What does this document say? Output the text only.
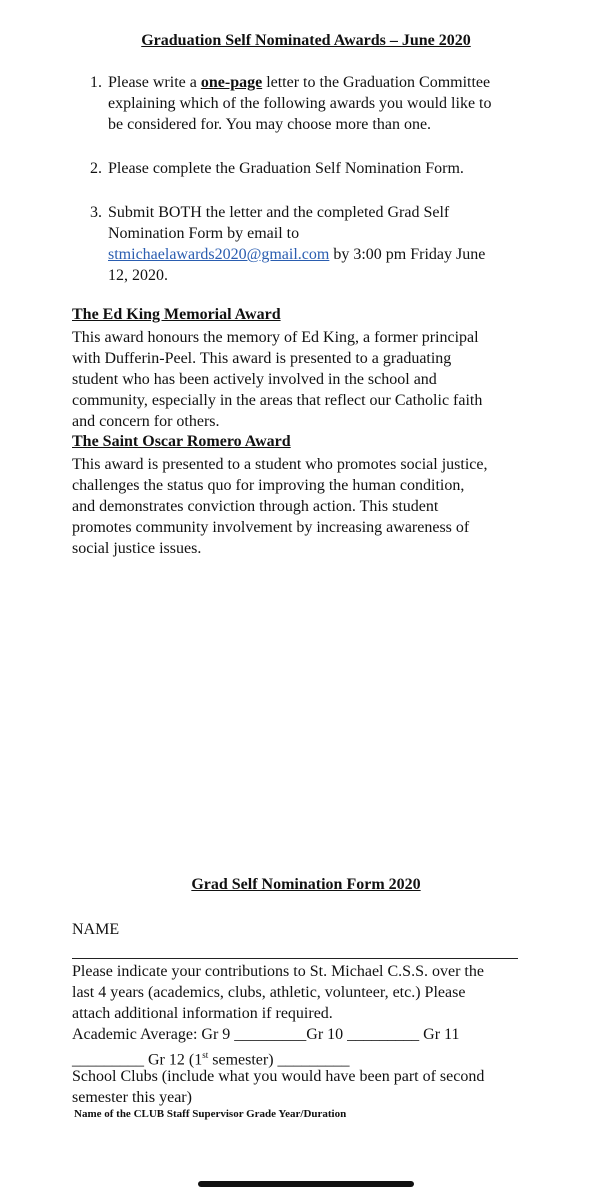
Graduation Self Nominated Awards – June 2020
1. Please write a one-page letter to the Graduation Committee
explaining which of the following awards you would like to
be considered for. You may choose more than one.
2. Please complete the Graduation Self Nomination Form.
3. Submit BOTH the letter and the completed Grad Self
Nomination Form by email to
stmichaelawards2020@gmail.com by 3:00 pm Friday June
12, 2020.
The Ed King Memorial Award
This award honours the memory of Ed King, a former principal
with Dufferin-Peel. This award is presented to a graduating
student who has been actively involved in the school and
community, especially in the areas that reflect our Catholic faith
and concern for others.
The Saint Oscar Romero Award
This award is presented to a student who promotes social justice,
challenges the status quo for improving the human condition,
and demonstrates conviction through action. This student
promotes community involvement by increasing awareness of
social justice issues.
Grad Self Nomination Form 2020
NAME
Please indicate your contributions to St. Michael C.S.S. over the
last 4 years (academics, clubs, athletic, volunteer, etc.) Please
attach additional information if required.
Academic Average: Gr 9 _________Gr 10 _________ Gr 11
_________ Gr 12 (1st semester) _________
School Clubs (include what you would have been part of second
semester this year)
Name of the CLUB Staff Supervisor Grade Year/Duration
